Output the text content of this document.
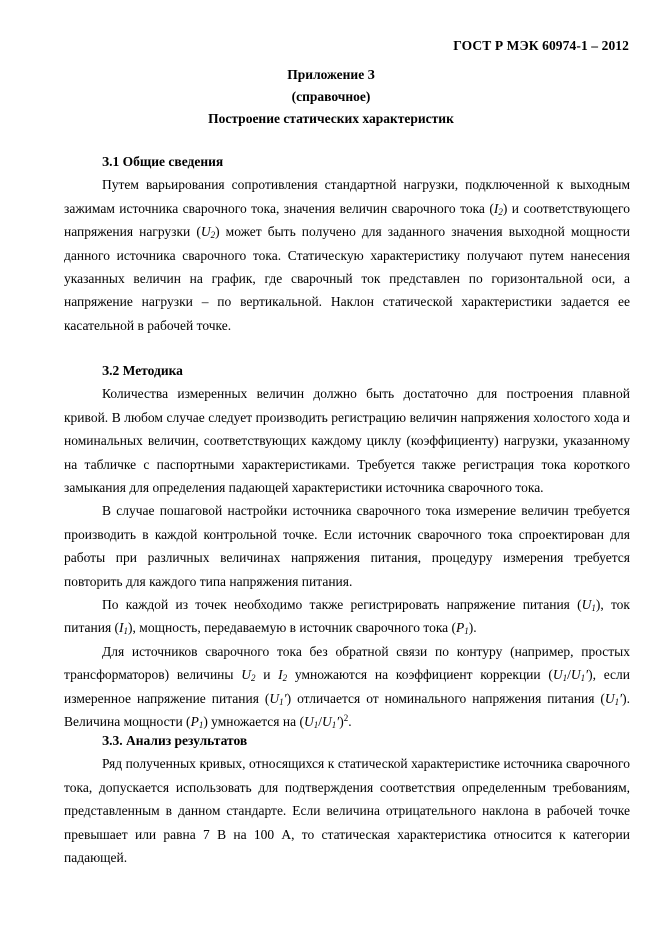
ГОСТ Р МЭК 60974-1 – 2012
Приложение З
(справочное)
Построение статических характеристик

З.1 Общие сведения

Путем варьирования сопротивления стандартной нагрузки, подключенной к выходным зажимам источника сварочного тока, значения величин сварочного тока $(I_2)$ и соответствующего напряжения нагрузки $(U_2)$ может быть получено для заданного значения выходной мощности данного источника сварочного тока. Статическую характеристику получают путем нанесения указанных величин на график, где сварочный ток представлен по горизонтальной оси, а напряжение нагрузки – по вертикальной. Наклон статической характеристики задается ее касательной в рабочей точке.

З.2 Методика

Количества измеренных величин должно быть достаточно для построения плавной кривой. В любом случае следует производить регистрацию величин напряжения холостого хода и номинальных величин, соответствующих каждому циклу (коэффициенту) нагрузки, указанному на табличке с паспортными характеристиками. Требуется также регистрация тока короткого замыкания для определения падающей характеристики источника сварочного тока.

В случае пошаговой настройки источника сварочного тока измерение величин требуется производить в каждой контрольной точке. Если источник сварочного тока спроектирован для работы при различных величинах напряжения питания, процедуру измерения требуется повторить для каждого типа напряжения питания.

По каждой из точек необходимо также регистрировать напряжение питания $(U_1)$, ток питания $(I_1)$, мощность, передаваемую в источник сварочного тока $(P_1)$.

Для источников сварочного тока без обратной связи по контуру (например, простых трансформаторов) величины $U_2$ и $I_2$ умножаются на коэффициент коррекции $(U_1/U_1')$, если измеренное напряжение питания $(U_1')$ отличается от номинального напряжения питания $(U_1')$. Величина мощности $(P_1)$ умножается на $(U_1/U_1')^2$.

З.3. Анализ результатов

Ряд полученных кривых, относящихся к статической характеристике источника сварочного тока, допускается использовать для подтверждения соответствия определенным требованиям, представленным в данном стандарте. Если величина отрицательного наклона в рабочей точке превышает или равна 7 В на 100 А, то статическая характеристика относится к категории падающей.
